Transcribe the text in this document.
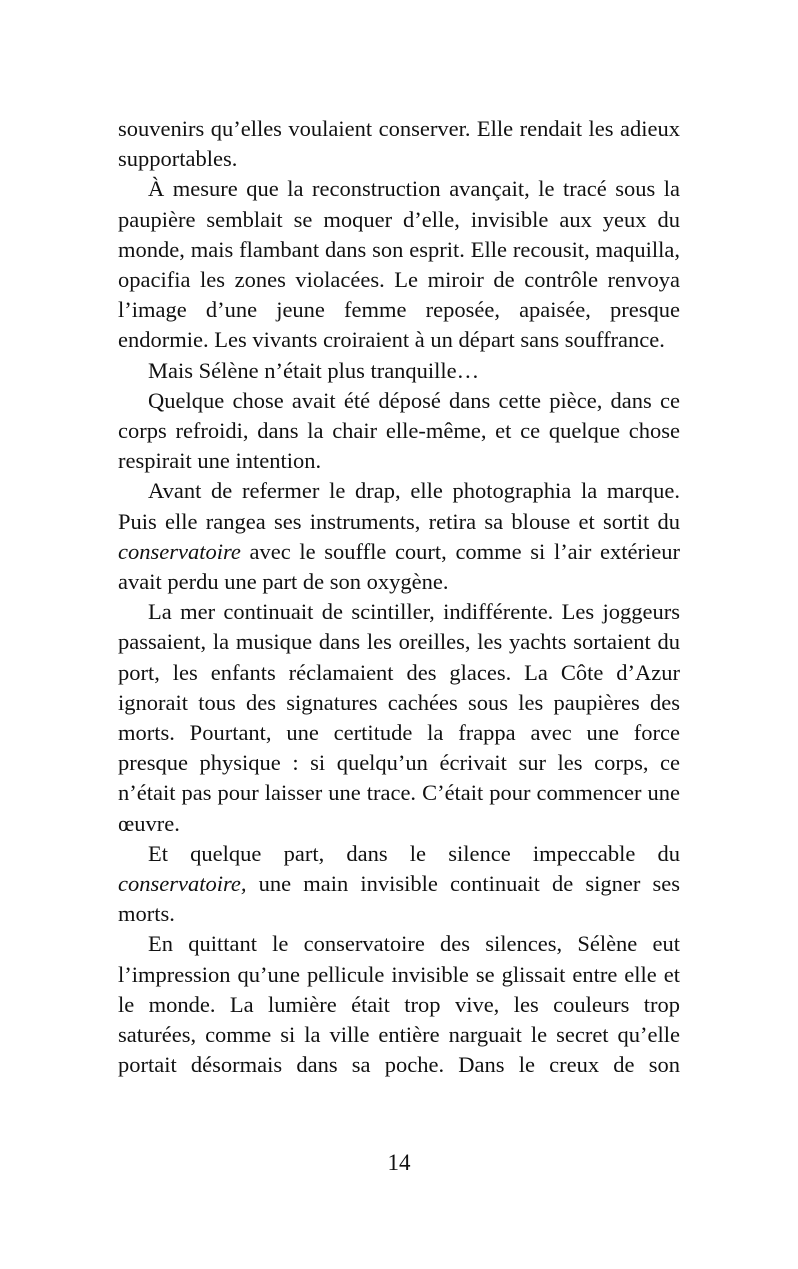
souvenirs qu’elles voulaient conserver. Elle rendait les adieux supportables.

À mesure que la reconstruction avançait, le tracé sous la paupière semblait se moquer d’elle, invisible aux yeux du monde, mais flambant dans son esprit. Elle recousit, maquilla, opacifia les zones violacées. Le miroir de contrôle renvoya l’image d’une jeune femme reposée, apaisée, presque endormie. Les vivants croiraient à un départ sans souffrance.

Mais Sélène n’était plus tranquille…

Quelque chose avait été déposé dans cette pièce, dans ce corps refroidi, dans la chair elle-même, et ce quelque chose respirait une intention.

Avant de refermer le drap, elle photographia la marque. Puis elle rangea ses instruments, retira sa blouse et sortit du conservatoire avec le souffle court, comme si l’air extérieur avait perdu une part de son oxygène.

La mer continuait de scintiller, indifférente. Les joggeurs passaient, la musique dans les oreilles, les yachts sortaient du port, les enfants réclamaient des glaces. La Côte d’Azur ignorait tous des signatures cachées sous les paupières des morts. Pourtant, une certitude la frappa avec une force presque physique : si quelqu’un écrivait sur les corps, ce n’était pas pour laisser une trace. C’était pour commencer une œuvre.

Et quelque part, dans le silence impeccable du conservatoire, une main invisible continuait de signer ses morts.

En quittant le conservatoire des silences, Sélène eut l’impression qu’une pellicule invisible se glissait entre elle et le monde. La lumière était trop vive, les couleurs trop saturées, comme si la ville entière narguait le secret qu’elle portait désormais dans sa poche. Dans le creux de son

14
